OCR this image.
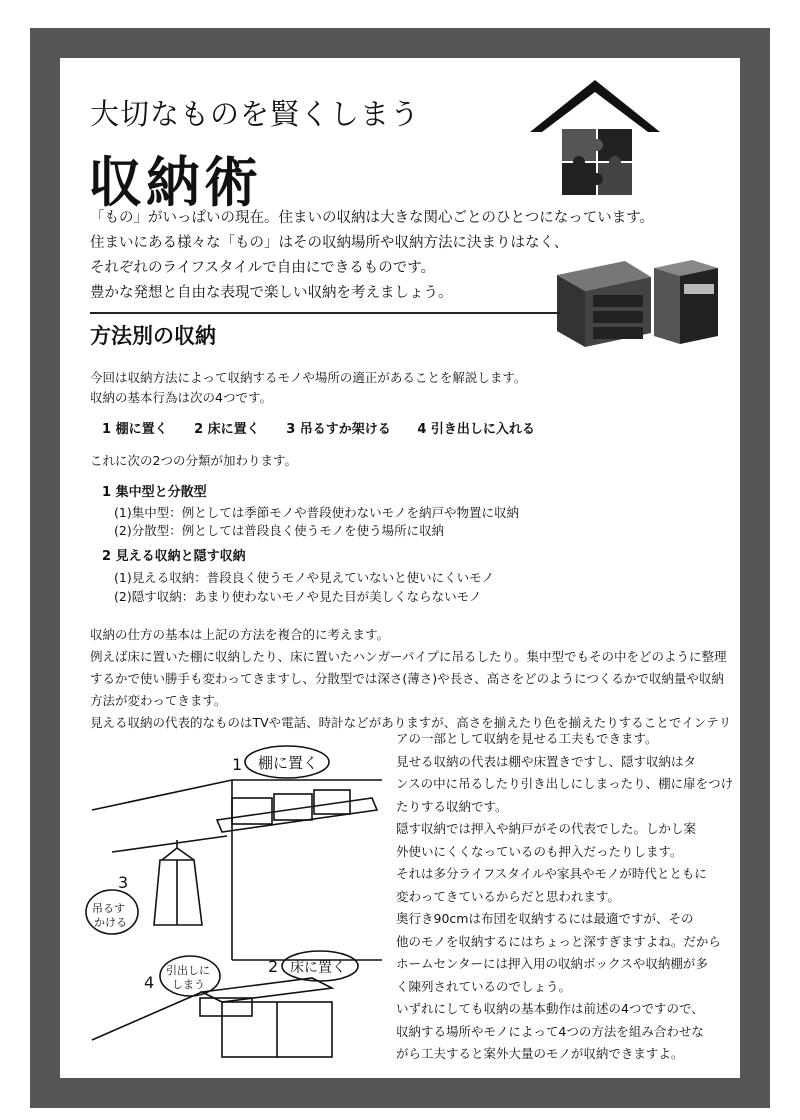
大切なものを賢くしまう
収納術
「もの」がいっぱいの現在。住まいの収納は大きな関心ごとのひとつになっています。
住まいにある様々な「もの」はその収納場所や収納方法に決まりはなく、
それぞれのライフスタイルで自由にできるものです。
豊かな発想と自由な表現で楽しい収納を考えましょう。
方法別の収納
今回は収納方法によって収納するモノや場所の適正があることを解説します。
収納の基本行為は次の4つです。
1 棚に置く 2 床に置く 3 吊るすか架ける 4 引き出しに入れる
これに次の2つの分類が加わります。
1 集中型と分散型
(1)集中型：例としては季節モノや普段使わないモノを納戸や物置に収納
(2)分散型：例としては普段良く使うモノを使う場所に収納
2 見える収納と隠す収納
(1)見える収納：普段良く使うモノや見えていないと使いにくいモノ
(2)隠す収納：あまり使わないモノや見た目が美しくならないモノ
収納の仕方の基本は上記の方法を複合的に考えます。
例えば床に置いた棚に収納したり、床に置いたハンガーパイプに吊るしたり。集中型でもその中をどのように整理
するかで使い勝手も変わってきますし、分散型では深さ(薄さ)や長さ、高さをどのようにつくるかで収納量や収納
方法が変わってきます。
見える収納の代表的なものはTVや電話、時計などがありますが、高さを揃えたり色を揃えたりすることでインテリ
アの一部として収納を見せる工夫もできます。
見せる収納の代表は棚や床置きですし、隠す収納はタ
ンスの中に吊るしたり引き出しにしまったり、棚に扉をつけ
たりする収納です。
隠す収納では押入や納戸がその代表でした。しかし案
外使いにくくなっているのも押入だったりします。
それは多分ライフスタイルや家具やモノが時代とともに
変わってきているからだと思われます。
奥行き90cmは布団を収納するには最適ですが、その
他のモノを収納するにはちょっと深すぎますよね。だから
ホームセンターには押入用の収納ボックスや収納棚が多
く陳列されているのでしょう。
いずれにしても収納の基本動作は前述の4つですので、
収納する場所やモノによって4つの方法を組み合わせな
がら工夫すると案外大量のモノが収納できますよ。
1 棚に置く
3
吊るす
かける
2 床に置く
4
引出しに
しまう
